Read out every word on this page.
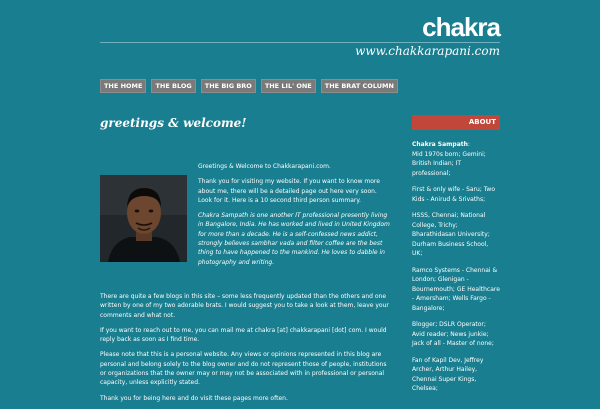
chakra
www.chakkarapani.com
THE HOME	THE BLOG	THE BIG BRO	THE LIL' ONE	THE BRAT COLUMN
greetings & welcome!

Greetings & Welcome to Chakkarapani.com.

Thank you for visiting my website. If you want to know more about me, there will be a detailed page out here very soon. Look for it. Here is a 10 second third person summary.

Chakra Sampath is one another IT professional presently living in Bangalore, India. He has worked and lived in United Kingdom for more than a decade. He is a self-confessed news addict, strongly believes sambhar vada and filter coffee are the best thing to have happened to the mankind. He loves to dabble in photography and writing.

There are quite a few blogs in this site – some less frequently updated than the others and one written by one of my two adorable brats. I would suggest you to take a look at them, leave your comments and what not.

If you want to reach out to me, you can mail me at chakra [at] chakkarapani [dot] com. I would reply back as soon as I find time.

Please note that this is a personal website. Any views or opinions represented in this blog are personal and belong solely to the blog owner and do not represent those of people, institutions or organizations that the owner may or may not be associated with in professional or personal capacity, unless explicitly stated.

Thank you for being here and do visit these pages more often.

ABOUT

Chakra Sampath:
Mid 1970s born; Gemini; British Indian; IT professional;

First & only wife - Saru; Two Kids - Anirud & Srivaths;

HSSS, Chennai; National College, Trichy; Bharathidasan University; Durham Business School, UK;

Ramco Systems - Chennai & London; Glenigan - Bournemouth; GE Healthcare - Amersham; Wells Fargo - Bangalore;

Blogger; DSLR Operator; Avid reader; News junkie; Jack of all - Master of none;

Fan of Kapil Dev, Jeffrey Archer, Arthur Hailey, Chennai Super Kings, Chelsea;
